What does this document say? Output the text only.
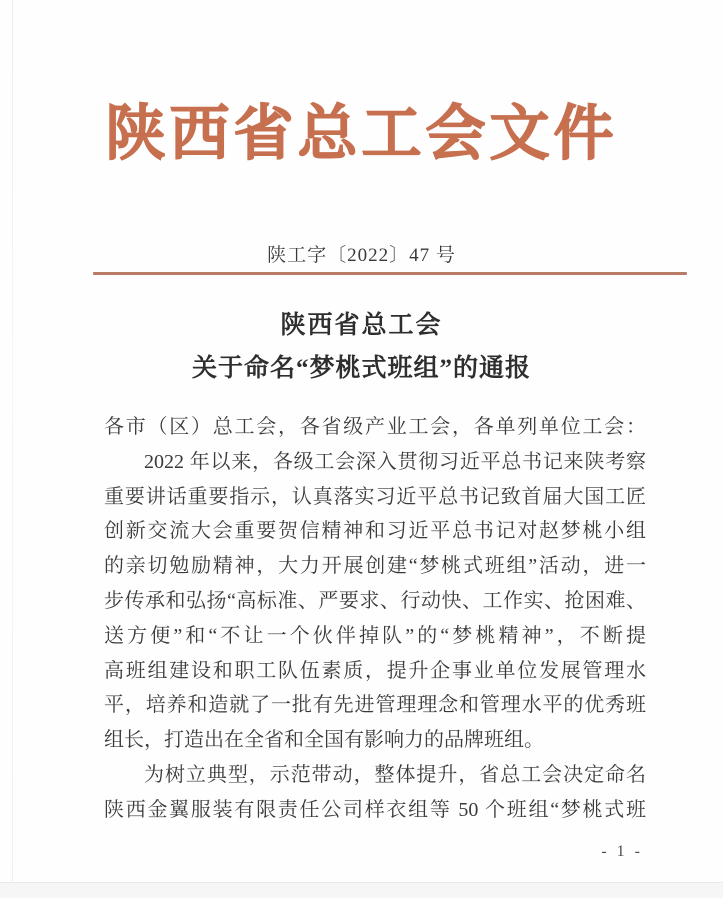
陕西省总工会文件
陕工字〔2022〕47 号
陕西省总工会
关于命名“梦桃式班组”的通报
各市（区）总工会，各省级产业工会，各单列单位工会：
2022 年以来，各级工会深入贯彻习近平总书记来陕考察
重要讲话重要指示，认真落实习近平总书记致首届大国工匠
创新交流大会重要贺信精神和习近平总书记对赵梦桃小组
的亲切勉励精神，大力开展创建“梦桃式班组”活动，进一
步传承和弘扬“高标准、严要求、行动快、工作实、抢困难、
送方便”和“不让一个伙伴掉队”的“梦桃精神”，不断提
高班组建设和职工队伍素质，提升企事业单位发展管理水
平，培养和造就了一批有先进管理理念和管理水平的优秀班
组长，打造出在全省和全国有影响力的品牌班组。
为树立典型，示范带动，整体提升，省总工会决定命名
陕西金翼服装有限责任公司样衣组等 50 个班组“梦桃式班
- 1 -
